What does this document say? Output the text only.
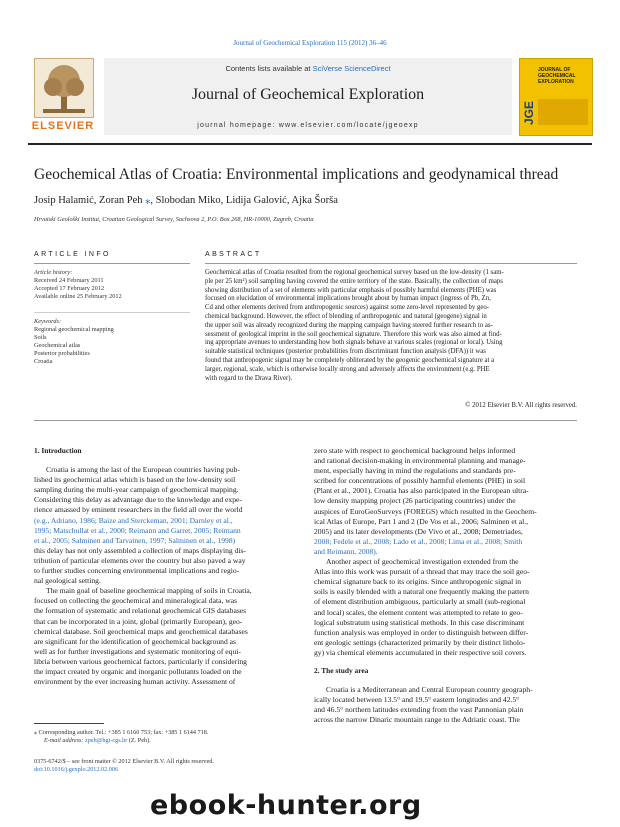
Journal of Geochemical Exploration 115 (2012) 36–46
ELSEVIER
Contents lists available at SciVerse ScienceDirect
Journal of Geochemical Exploration
journal homepage: www.elsevier.com/locate/jgeoexp
JGE
JOURNAL OF GEOCHEMICAL EXPLORATION
Geochemical Atlas of Croatia: Environmental implications and geodynamical thread
Josip Halamić, Zoran Peh ⁎, Slobodan Miko, Lidija Galović, Ajka Šorša
Hrvatski Geološki Institut, Croatian Geological Survey, Sachsova 2, P.O. Box 268, HR-10000, Zagreb, Croatia
ARTICLE INFO	ABSTRACT
Article history:
Received 24 February 2011
Accepted 17 February 2012
Available online 25 February 2012
Keywords:
Regional geochemical mapping
Soils
Geochemical atlas
Posterior probabilities
Croatia
Geochemical atlas of Croatia resulted from the regional geochemical survey based on the low-density (1 sam-
ple per 25 km²) soil sampling having covered the entire territory of the state. Basically, the collection of maps
showing distribution of a set of elements with particular emphasis of possibly harmful elements (PHE) was
focused on elucidation of environmental implications brought about by human impact (ingress of Pb, Zn,
Cd and other elements derived from anthropogenic sources) against some zero-level represented by geo-
chemical background. However, the effect of blending of anthropogenic and natural (geogene) signal in
the upper soil was already recognized during the mapping campaign having steered further research to as-
sessment of geological imprint in the soil geochemical signature. Therefore this work was also aimed at find-
ing appropriate avenues to understanding how both signals behave at various scales (regional or local). Using
suitable statistical techniques (posterior probabilities from discriminant function analysis (DFA)) it was
found that anthropogenic signal may be completely obliterated by the geogenic geochemical signature at a
larger, regional, scale, which is otherwise locally strong and adversely affects the environment (e.g. PHE
with regard to the Drava River).
© 2012 Elsevier B.V. All rights reserved.
1. Introduction
Croatia is among the last of the European countries having pub-
lished its geochemical atlas which is based on the low-density soil
sampling during the multi-year campaign of geochemical mapping.
Considering this delay as advantage due to the knowledge and expe-
rience amassed by eminent researchers in the field all over the world
(e.g., Adriano, 1986; Baize and Sterckeman, 2001; Darnley et al.,
1995; Matschullat et al., 2000; Reimann and Garret, 2005; Reimann
et al., 2005; Salminen and Tarvainen, 1997; Salminen et al., 1998)
this delay has not only assembled a collection of maps displaying dis-
tribution of particular elements over the country but also paved a way
to further studies concerning environmental implications and regio-
nal geological setting.
The main goal of baseline geochemical mapping of soils in Croatia,
focused on collecting the geochemical and mineralogical data, was
the formation of systematic and relational geochemical GIS databases
that can be incorporated in a joint, global (primarily European), geo-
chemical database. Soil geochemical maps and geochemical databases
are significant for the identification of geochemical background as
well as for further investigations and systematic monitoring of equi-
libria between various geochemical factors, particularly if considering
the impact created by organic and inorganic pollutants loaded on the
environment by the ever increasing human activity. Assessment of
zero state with respect to geochemical background helps informed
and rational decision-making in environmental planning and manage-
ment, especially having in mind the regulations and standards pre-
scribed for concentrations of possibly harmful elements (PHE) in soil
(Plant et al., 2001). Croatia has also participated in the European ultra-
low density mapping project (26 participating countries) under the
auspices of EuroGeoSurveys (FOREGS) which resulted in the Geochem-
ical Atlas of Europe, Part 1 and 2 (De Vos et al., 2006; Salminen et al.,
2005) and its later developments (De Vivo et al., 2008; Demetriades,
2008; Fedele et al., 2008; Lado et al., 2008; Lima et al., 2008; Smith
and Reimann, 2008).
Another aspect of geochemical investigation extended from the
Atlas into this work was pursuit of a thread that may trace the soil geo-
chemical signature back to its origins. Since anthropogenic signal in
soils is easily blended with a natural one frequently making the pattern
of element distribution ambiguous, particularly at small (sub-regional
and local) scales, the element content was attempted to relate to geo-
logical substratum using statistical methods. In this case discriminant
function analysis was employed in order to distinguish between differ-
ent geologic settings (characterized primarily by their distinct litholo-
gy) via chemical elements accumulated in their respective soil covers.
2. The study area
Croatia is a Mediterranean and Central European country geograph-
ically located between 13.5° and 19.5° eastern longitudes and 42.5°
and 46.5° northern latitudes extending from the vast Pannonian plain
across the narrow Dinaric mountain range to the Adriatic coast. The
⁎ Corresponding author. Tel.: +385 1 6160 753; fax: +385 1 6144 718.
E-mail address: zpeh@hgi-cgs.hr (Z. Peh).
0375-6742/$ – see front matter © 2012 Elsevier B.V. All rights reserved.
doi:10.1016/j.gexplo.2012.02.006
ebook-hunter.org
